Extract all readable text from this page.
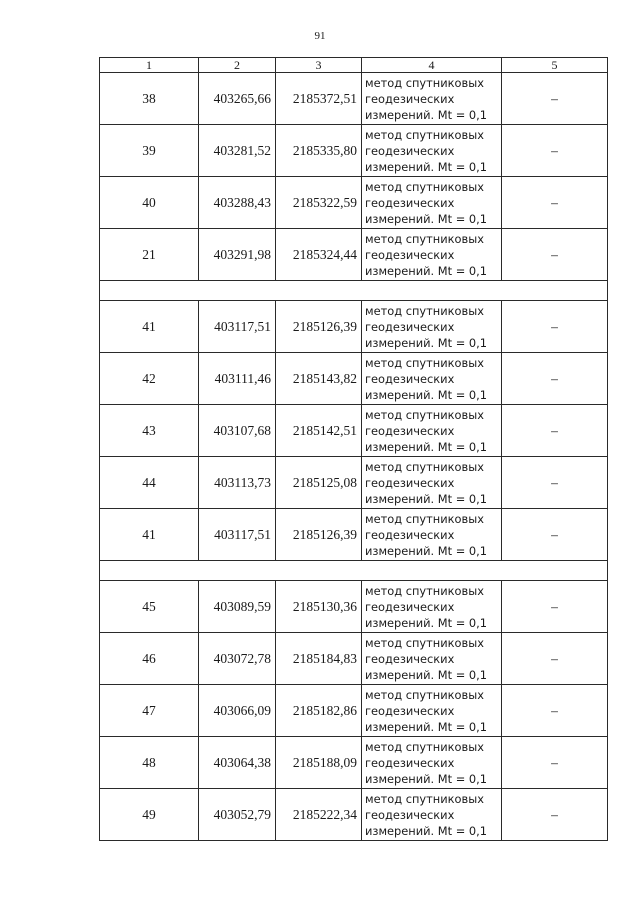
91
1	2	3	4	5
38	403265,66	2185372,51	метод спутниковых
геодезических
измерений. Mt = 0,1	–
39	403281,52	2185335,80	метод спутниковых
геодезических
измерений. Mt = 0,1	–
40	403288,43	2185322,59	метод спутниковых
геодезических
измерений. Mt = 0,1	–
21	403291,98	2185324,44	метод спутниковых
геодезических
измерений. Mt = 0,1	–

41	403117,51	2185126,39	метод спутниковых
геодезических
измерений. Mt = 0,1	–
42	403111,46	2185143,82	метод спутниковых
геодезических
измерений. Mt = 0,1	–
43	403107,68	2185142,51	метод спутниковых
геодезических
измерений. Mt = 0,1	–
44	403113,73	2185125,08	метод спутниковых
геодезических
измерений. Mt = 0,1	–
41	403117,51	2185126,39	метод спутниковых
геодезических
измерений. Mt = 0,1	–

45	403089,59	2185130,36	метод спутниковых
геодезических
измерений. Mt = 0,1	–
46	403072,78	2185184,83	метод спутниковых
геодезических
измерений. Mt = 0,1	–
47	403066,09	2185182,86	метод спутниковых
геодезических
измерений. Mt = 0,1	–
48	403064,38	2185188,09	метод спутниковых
геодезических
измерений. Mt = 0,1	–
49	403052,79	2185222,34	метод спутниковых
геодезических
измерений. Mt = 0,1	–
